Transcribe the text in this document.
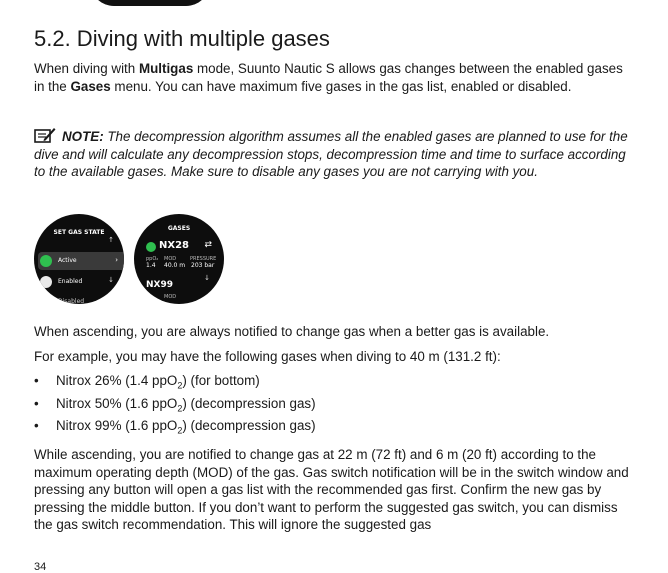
5.2. Diving with multiple gases

When diving with Multigas mode, Suunto Nautic S allows gas changes between the enabled gases in the Gases menu. You can have maximum five gases in the gas list, enabled or disabled.

NOTE: The decompression algorithm assumes all the enabled gases are planned to use for the dive and will calculate any decompression stops, decompression time and time to surface according to the available gases. Make sure to disable any gases you are not carrying with you.

SET GAS STATE
↑
Active	›
Enabled	↓
Disabled
GASES
NX28 ⇄
ppO₂ MOD	PRESSURE
1.4 40.0 m 203 bar
↓
NX99
MOD

When ascending, you are always notified to change gas when a better gas is available.

For example, you may have the following gases when diving to 40 m (131.2 ft):

• Nitrox 26% (1.4 ppO$_2$) (for bottom)
• Nitrox 50% (1.6 ppO$_2$) (decompression gas)
• Nitrox 99% (1.6 ppO$_2$) (decompression gas)

While ascending, you are notified to change gas at 22 m (72 ft) and 6 m (20 ft) according to the maximum operating depth (MOD) of the gas. Gas switch notification will be in the switch window and pressing any button will open a gas list with the recommended gas first. Confirm the new gas by pressing the middle button. If you don’t want to perform the suggested gas switch, you can dismiss the gas switch recommendation. This will ignore the suggested gas

34
